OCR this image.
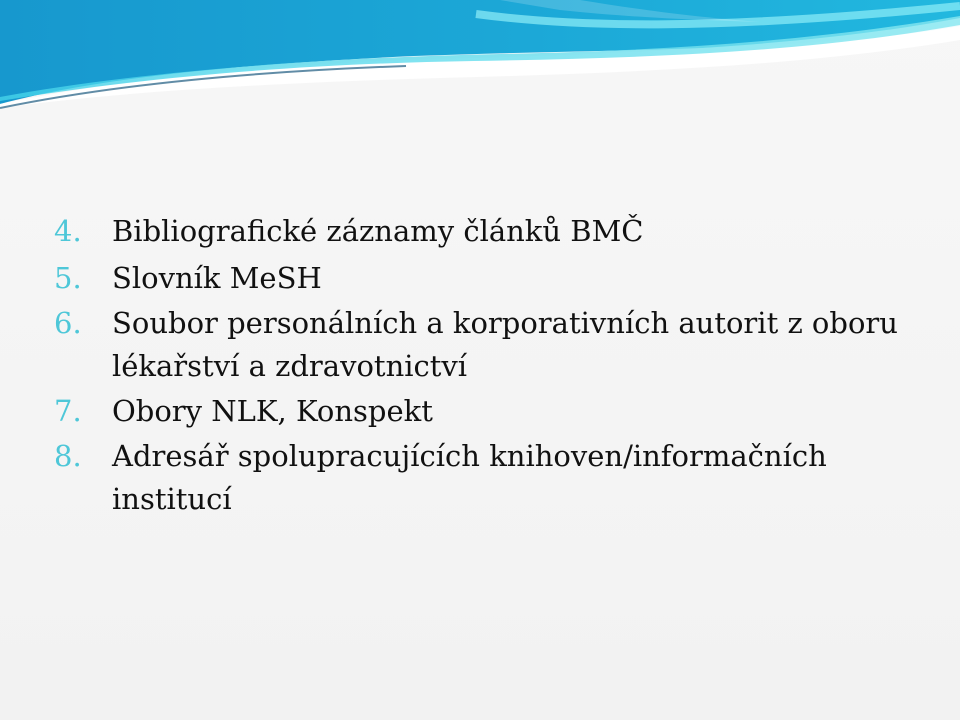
4.	Bibliografické záznamy článků BMČ
5.	Slovník MeSH
6.	Soubor personálních a korporativních autorit z oboru lékařství a zdravotnictví
7.	Obory NLK, Konspekt
8.	Adresář spolupracujících knihoven/informačních institucí
